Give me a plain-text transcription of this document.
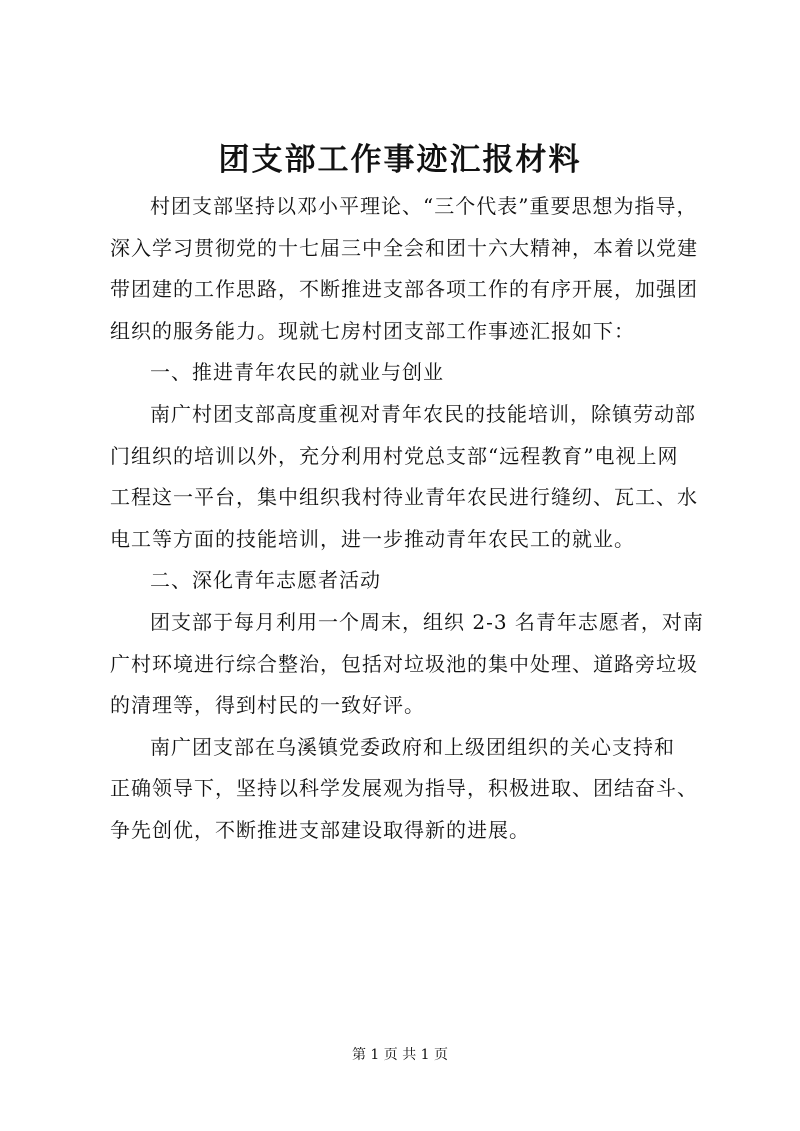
团支部工作事迹汇报材料
村团支部坚持以邓小平理论、“三个代表”重要思想为指导，
深入学习贯彻党的十七届三中全会和团十六大精神，本着以党建
带团建的工作思路，不断推进支部各项工作的有序开展，加强团
组织的服务能力。现就七房村团支部工作事迹汇报如下：
一、推进青年农民的就业与创业
南广村团支部高度重视对青年农民的技能培训，除镇劳动部
门组织的培训以外，充分利用村党总支部“远程教育”电视上网
工程这一平台，集中组织我村待业青年农民进行缝纫、瓦工、水
电工等方面的技能培训，进一步推动青年农民工的就业。
二、深化青年志愿者活动
团支部于每月利用一个周末，组织 2-3 名青年志愿者，对南
广村环境进行综合整治，包括对垃圾池的集中处理、道路旁垃圾
的清理等，得到村民的一致好评。
南广团支部在乌溪镇党委政府和上级团组织的关心支持和
正确领导下，坚持以科学发展观为指导，积极进取、团结奋斗、
争先创优，不断推进支部建设取得新的进展。
第 1 页 共 1 页
